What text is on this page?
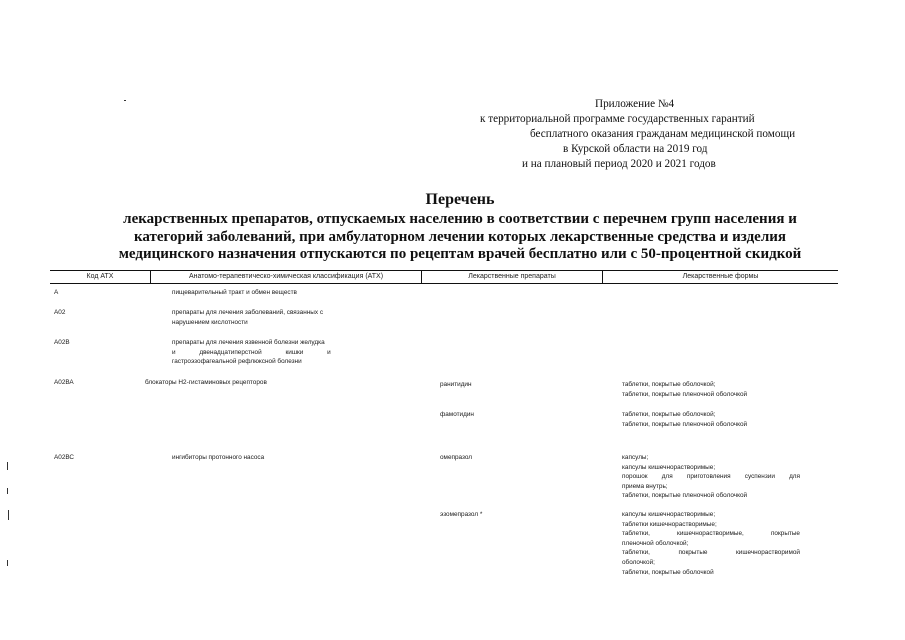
Приложение №4
к территориальной программе государственных гарантий
бесплатного оказания гражданам медицинской помощи
в Курской области на 2019 год
и на плановый период 2020 и 2021 годов
Перечень
лекарственных препаратов, отпускаемых населению в соответствии с перечнем групп населения и
категорий заболеваний, при амбулаторном лечении которых лекарственные средства и изделия
медицинского назначения отпускаются по рецептам врачей бесплатно или с 50-процентной скидкой
Код АТХ	Анатомо-терапевтическо-химическая классификация (АТХ)	Лекарственные препараты	Лекарственные формы
А	пищеварительный тракт и обмен веществ
А02	препараты для лечения заболеваний, связанных с
нарушением кислотности
А02В	препараты для лечения язвенной болезни желудка
и двенадцатиперстной кишки и
гастроэзофагеальной рефлюксной болезни
А02ВА	блокаторы Н2-гистаминовых рецепторов	ранитидин	таблетки, покрытые оболочкой;
таблетки, покрытые пленочной оболочкой
фамотидин	таблетки, покрытые оболочкой;
таблетки, покрытые пленочной оболочкой
А02ВС	ингибиторы протонного насоса	омепразол	капсулы;
капсулы кишечнорастворимые;
порошок для приготовления суспензии для
приема внутрь;
таблетки, покрытые пленочной оболочкой
эзомепразол *	капсулы кишечнорастворимые;
таблетки кишечнорастворимые;
таблетки, кишечнорастворимые, покрытые
пленочной оболочкой;
таблетки, покрытые кишечнорастворимой
оболочкой;
таблетки, покрытые оболочкой
